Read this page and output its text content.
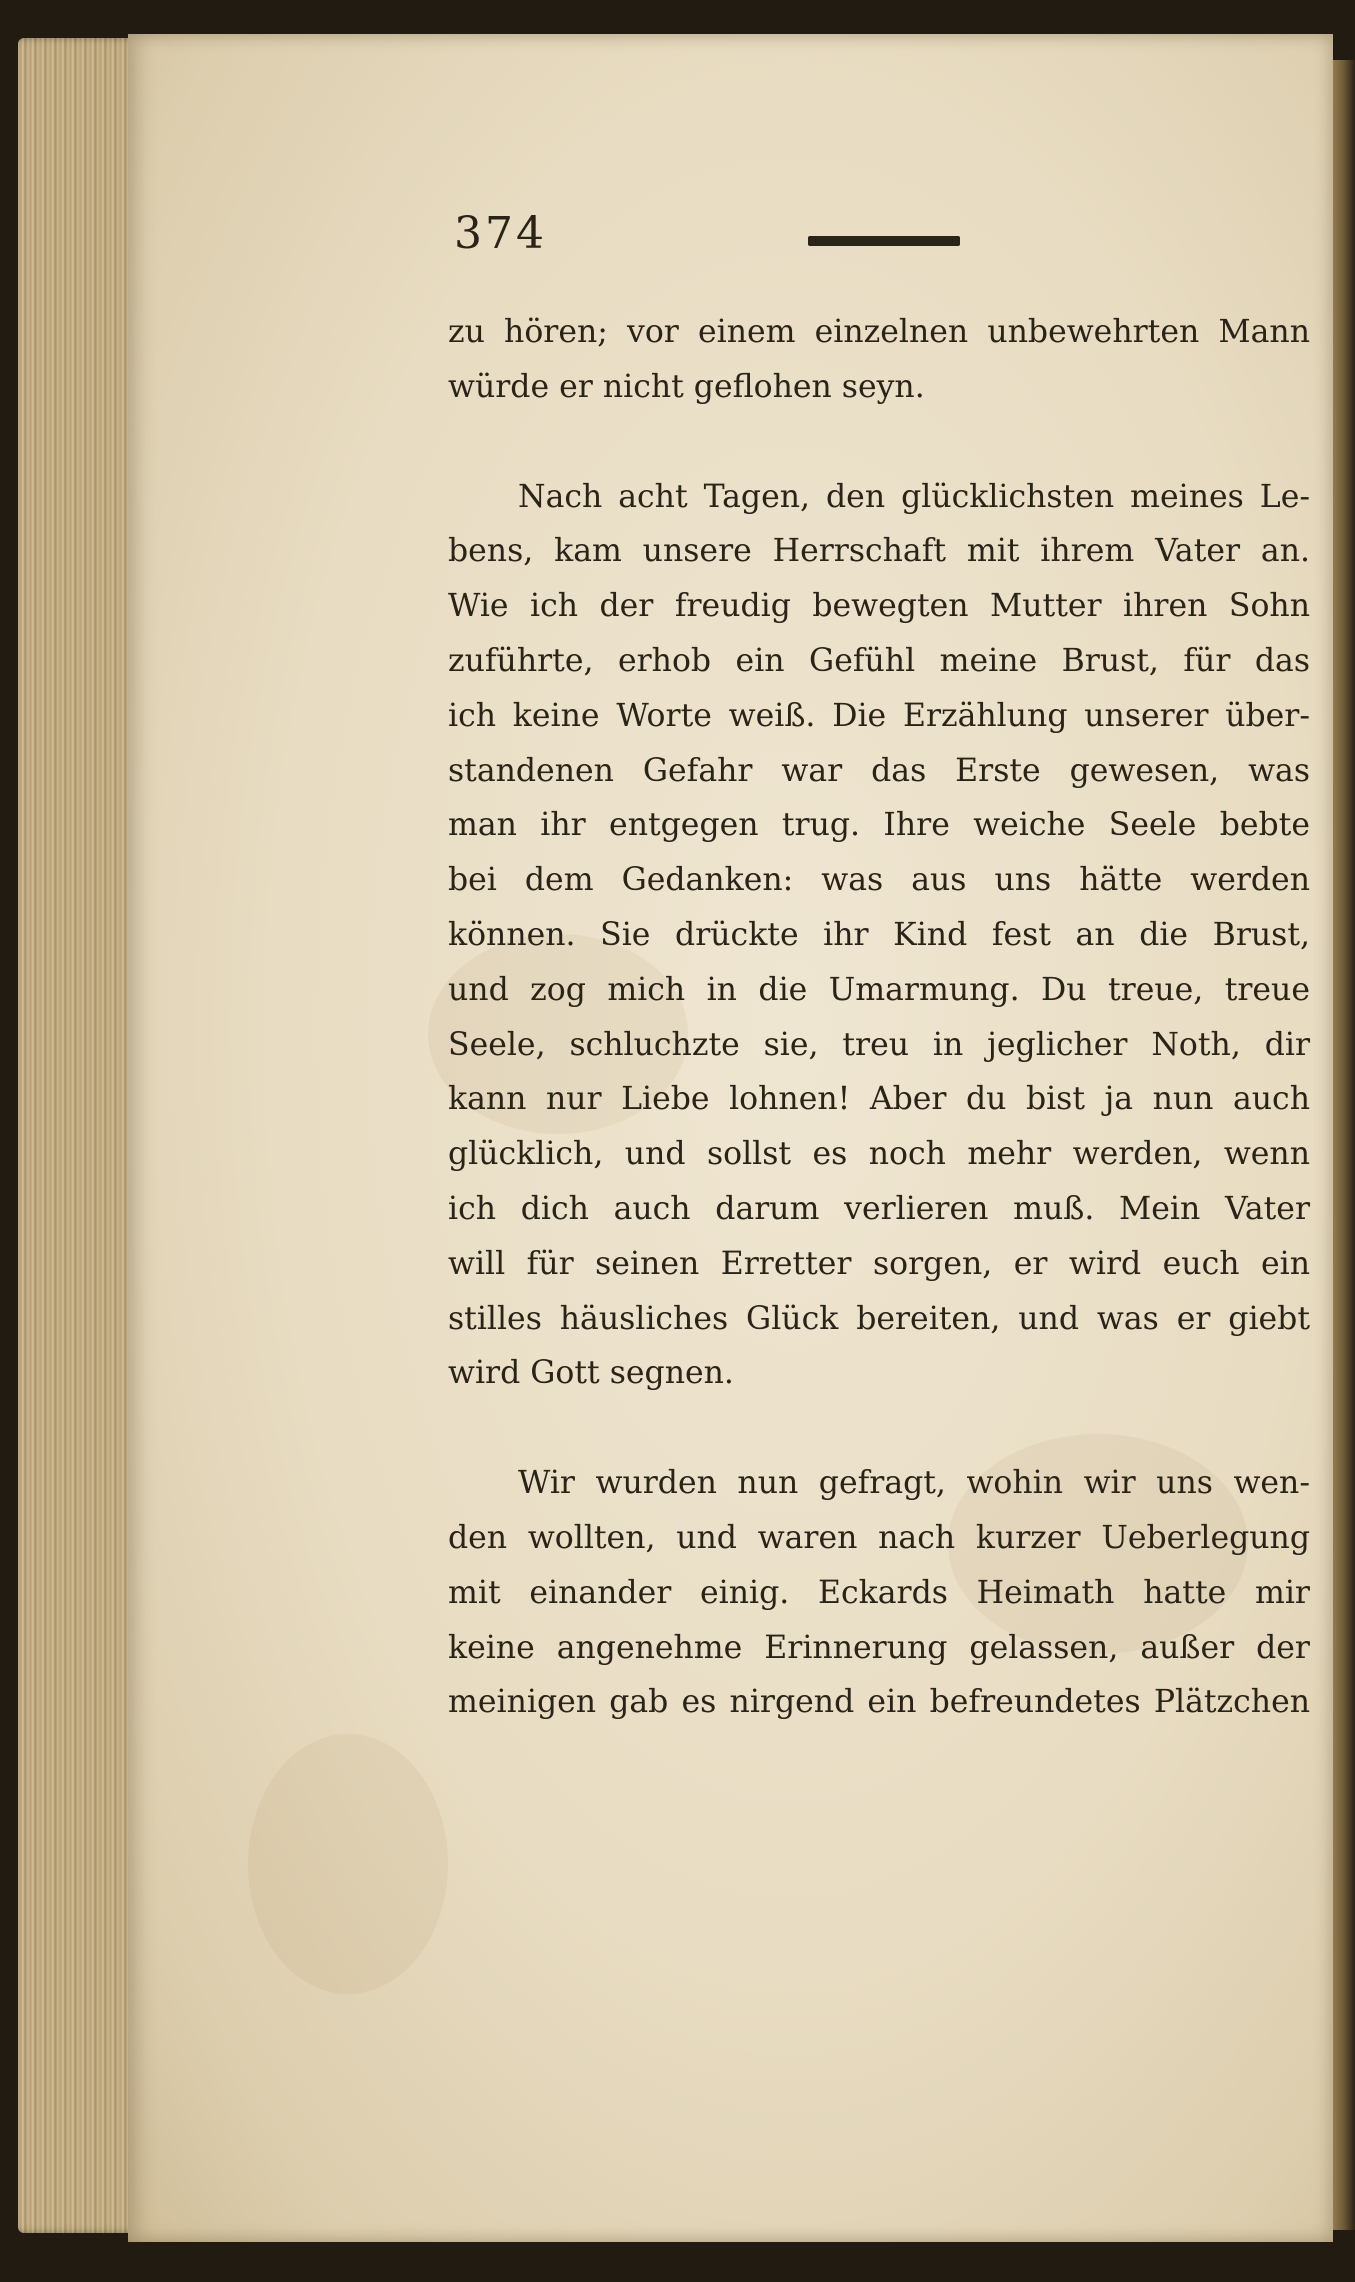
374
zu hören; vor einem einzelnen unbewehrten Mann
würde er nicht geflohen seyn.
Nach acht Tagen, den glücklichsten meines Le-
bens, kam unsere Herrschaft mit ihrem Vater an.
Wie ich der freudig bewegten Mutter ihren Sohn
zuführte, erhob ein Gefühl meine Brust, für das
ich keine Worte weiß. Die Erzählung unserer über-
standenen Gefahr war das Erste gewesen, was
man ihr entgegen trug. Ihre weiche Seele bebte
bei dem Gedanken: was aus uns hätte werden
können. Sie drückte ihr Kind fest an die Brust,
und zog mich in die Umarmung. Du treue, treue
Seele, schluchzte sie, treu in jeglicher Noth, dir
kann nur Liebe lohnen! Aber du bist ja nun auch
glücklich, und sollst es noch mehr werden, wenn
ich dich auch darum verlieren muß. Mein Vater
will für seinen Erretter sorgen, er wird euch ein
stilles häusliches Glück bereiten, und was er giebt
wird Gott segnen.
Wir wurden nun gefragt, wohin wir uns wen-
den wollten, und waren nach kurzer Ueberlegung
mit einander einig. Eckards Heimath hatte mir
keine angenehme Erinnerung gelassen, außer der
meinigen gab es nirgend ein befreundetes Plätzchen
